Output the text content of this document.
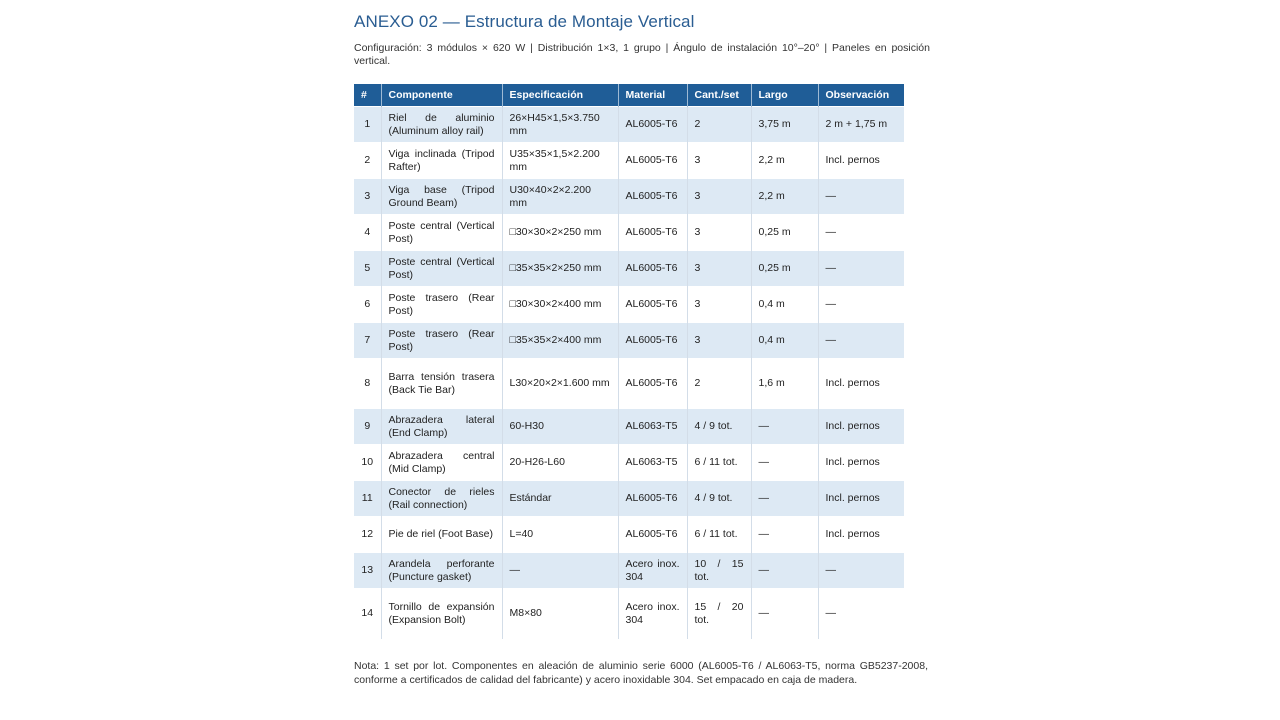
ANEXO 02 — Estructura de Montaje Vertical

Configuración: 3 módulos × 620 W | Distribución 1×3, 1 grupo | Ángulo de instalación 10°–20° | Paneles en posición vertical.

#	Componente	Especificación	Material	Cant./set	Largo	Observación
1	Riel de aluminio (Aluminum alloy rail)	26×H45×1,5×3.750 mm	AL6005-T6	2	3,75 m	2 m + 1,75 m
2	Viga inclinada (Tripod Rafter)	U35×35×1,5×2.200 mm	AL6005-T6	3	2,2 m	Incl. pernos
3	Viga base (Tripod Ground Beam)	U30×40×2×2.200 mm	AL6005-T6	3	2,2 m	—
4	Poste central (Vertical Post)	□30×30×2×250 mm	AL6005-T6	3	0,25 m	—
5	Poste central (Vertical Post)	□35×35×2×250 mm	AL6005-T6	3	0,25 m	—
6	Poste trasero (Rear Post)	□30×30×2×400 mm	AL6005-T6	3	0,4 m	—
7	Poste trasero (Rear Post)	□35×35×2×400 mm	AL6005-T6	3	0,4 m	—
8	Barra tensión trasera (Back Tie Bar)	L30×20×2×1.600 mm	AL6005-T6	2	1,6 m	Incl. pernos
9	Abrazadera lateral (End Clamp)	60-H30	AL6063-T5	4 / 9 tot.	—	Incl. pernos
10	Abrazadera central (Mid Clamp)	20-H26-L60	AL6063-T5	6 / 11 tot.	—	Incl. pernos
11	Conector de rieles (Rail connection)	Estándar	AL6005-T6	4 / 9 tot.	—	Incl. pernos
12	Pie de riel (Foot Base)	L=40	AL6005-T6	6 / 11 tot.	—	Incl. pernos
13	Arandela perforante (Puncture gasket)	—	Acero inox. 304	10 / 15 tot.	—	—
14	Tornillo de expansión (Expansion Bolt)	M8×80	Acero inox. 304	15 / 20 tot.	—	—

Nota: 1 set por lot. Componentes en aleación de aluminio serie 6000 (AL6005-T6 / AL6063-T5, norma GB5237-2008, conforme a certificados de calidad del fabricante) y acero inoxidable 304. Set empacado en caja de madera.
